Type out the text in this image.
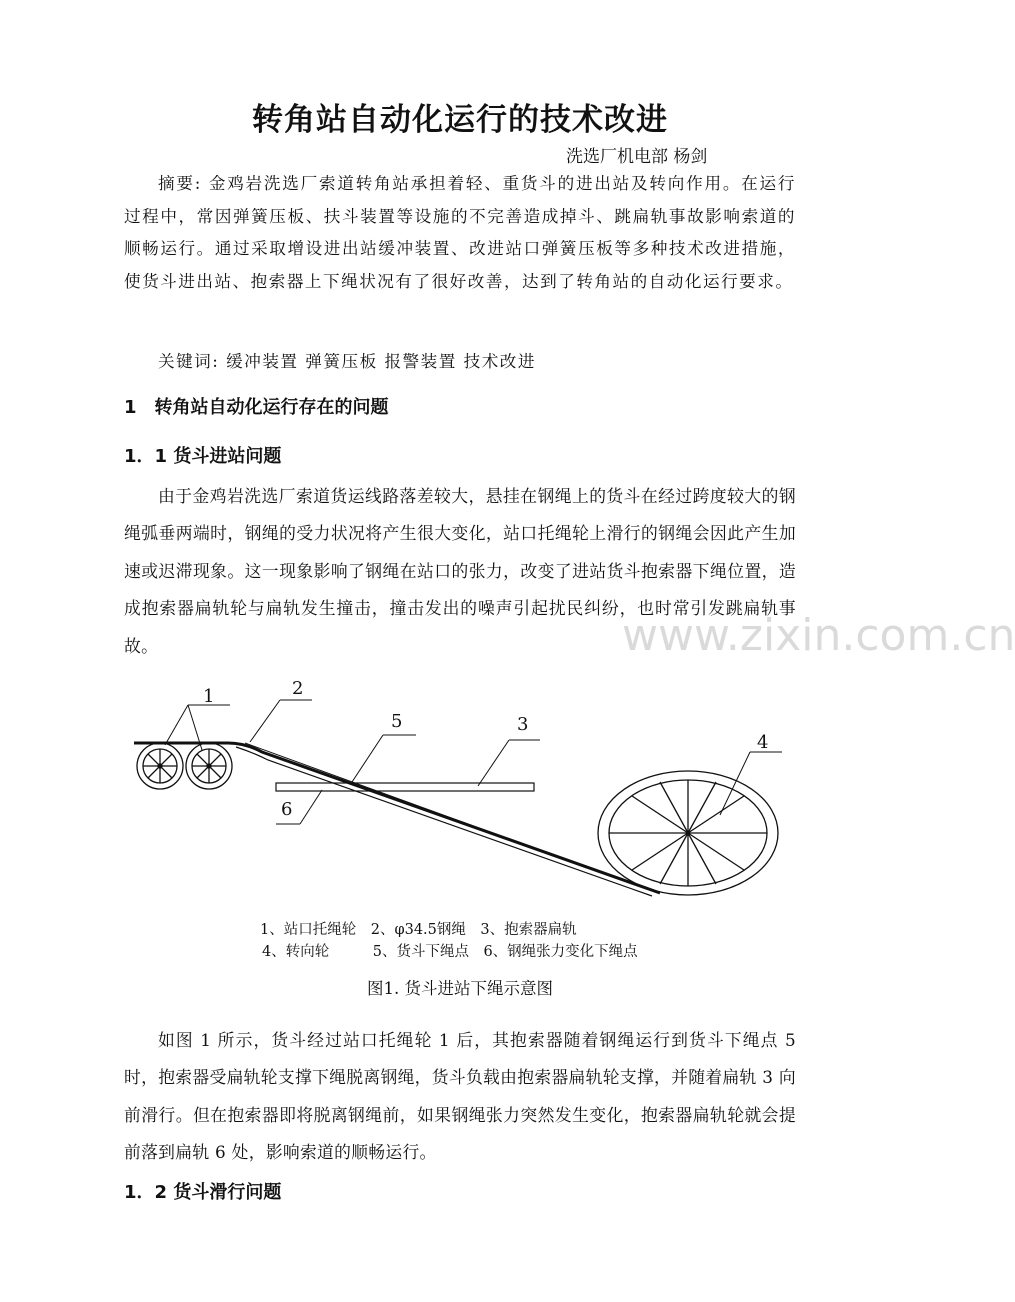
转角站自动化运行的技术改进

洗选厂机电部 杨剑

摘要: 金鸡岩洗选厂索道转角站承担着轻、重货斗的进出站及转向作用。在运行过程中，常因弹簧压板、扶斗装置等设施的不完善造成掉斗、跳扁轨事故影响索道的顺畅运行。通过采取增设进出站缓冲装置、改进站口弹簧压板等多种技术改进措施，使货斗进出站、抱索器上下绳状况有了很好改善，达到了转角站的自动化运行要求。

关键词: 缓冲装置 弹簧压板 报警装置 技术改进

1　转角站自动化运行存在的问题

1．1 货斗进站问题

由于金鸡岩洗选厂索道货运线路落差较大，悬挂在钢绳上的货斗在经过跨度较大的钢绳弧垂两端时，钢绳的受力状况将产生很大变化，站口托绳轮上滑行的钢绳会因此产生加速或迟滞现象。这一现象影响了钢绳在站口的张力，改变了进站货斗抱索器下绳位置，造成抱索器扁轨轮与扁轨发生撞击，撞击发出的噪声引起扰民纠纷，也时常引发跳扁轨事故。	www.zixin.com.cn
1	2
3
4
5
6

1、站口托绳轮　2、φ34.5钢绳　3、抱索器扁轨

4、转向轮　　　5、货斗下绳点　6、钢绳张力变化下绳点

图1. 货斗进站下绳示意图

如图 1 所示，货斗经过站口托绳轮 1 后，其抱索器随着钢绳运行到货斗下绳点 5 时，抱索器受扁轨轮支撑下绳脱离钢绳，货斗负载由抱索器扁轨轮支撑，并随着扁轨 3 向前滑行。但在抱索器即将脱离钢绳前，如果钢绳张力突然发生变化，抱索器扁轨轮就会提前落到扁轨 6 处，影响索道的顺畅运行。

1．2 货斗滑行问题
